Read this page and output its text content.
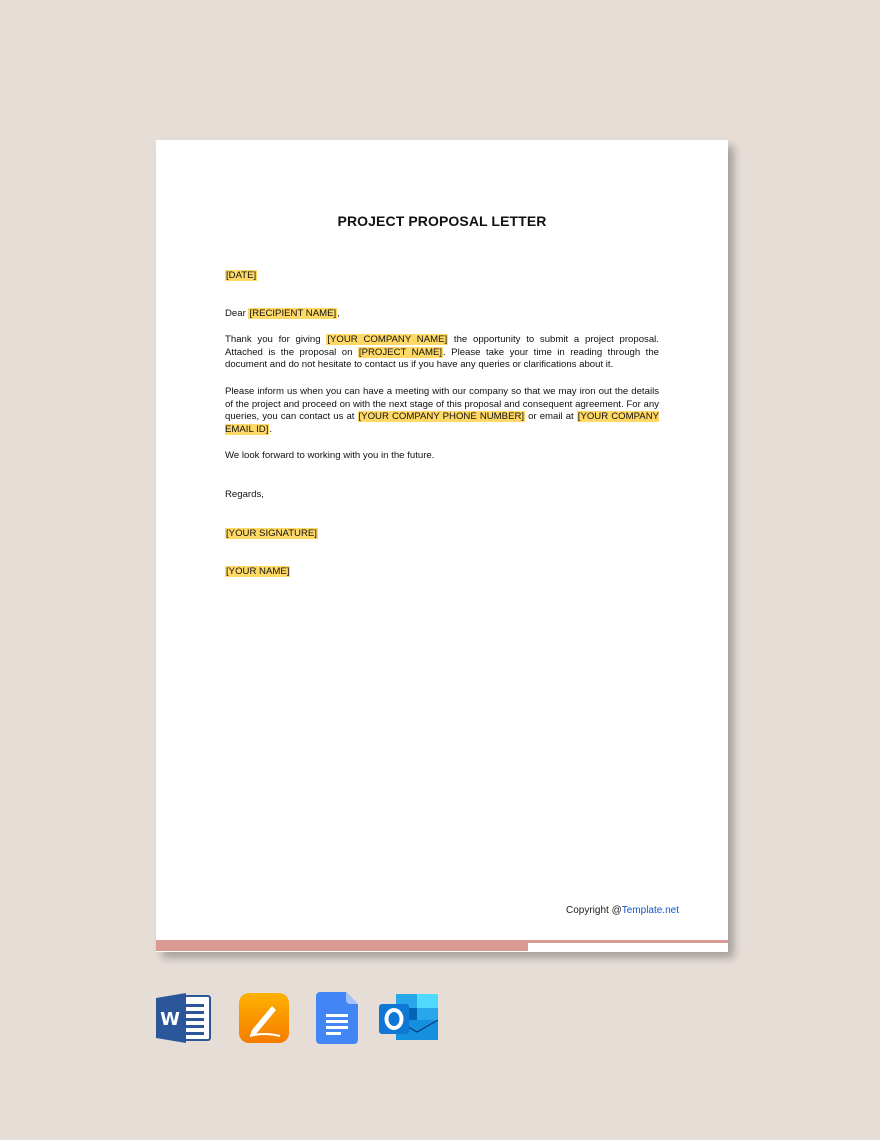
PROJECT PROPOSAL LETTER

[DATE]

Dear [RECIPIENT NAME],

Thank you for giving [YOUR COMPANY NAME] the opportunity to submit a project proposal. Attached is the proposal on [PROJECT NAME]. Please take your time in reading through the document and do not hesitate to contact us if you have any queries or clarifications about it.

Please inform us when you can have a meeting with our company so that we may iron out the details of the project and proceed on with the next stage of this proposal and consequent agreement. For any queries, you can contact us at [YOUR COMPANY PHONE NUMBER] or email at [YOUR COMPANY EMAIL ID].

We look forward to working with you in the future.

Regards,

[YOUR SIGNATURE]

[YOUR NAME]

Copyright @Template.net
W
